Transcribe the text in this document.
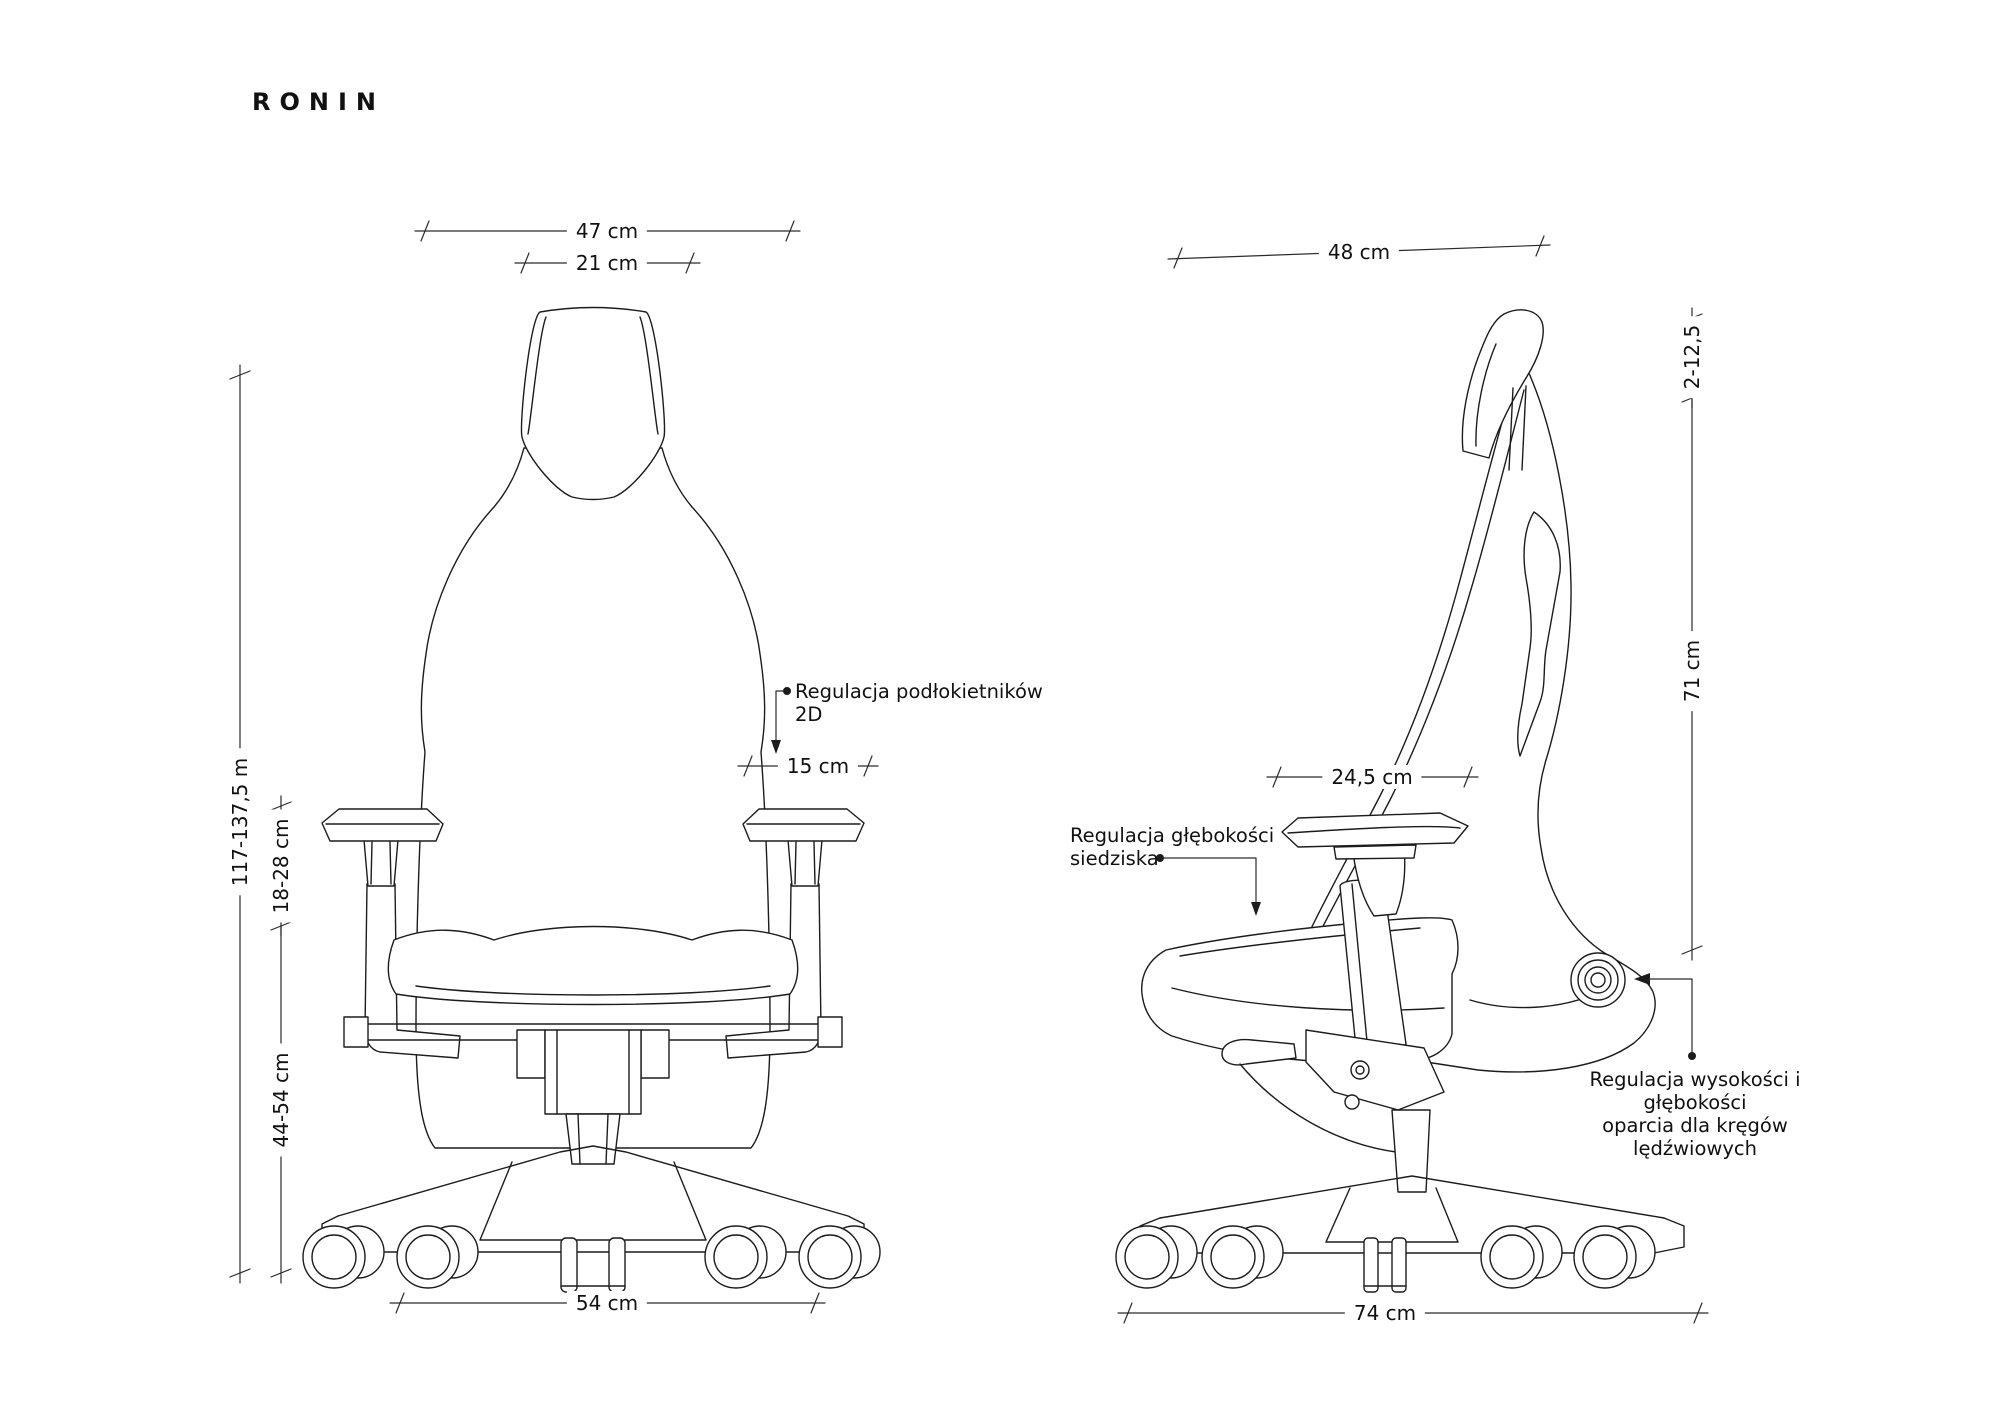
RONIN
47 cm
21 cm
117-137,5 m 18-28 cm
44-54 cm
15 cm
54 cm
48 cm
2-12,5
71 cm
24,5 cm
74 cm
Regulacja podłokietników
2D
Regulacja głębokości
siedziska
Regulacja wysokości i głębokości
oparcia dla kręgów lędźwiowych
